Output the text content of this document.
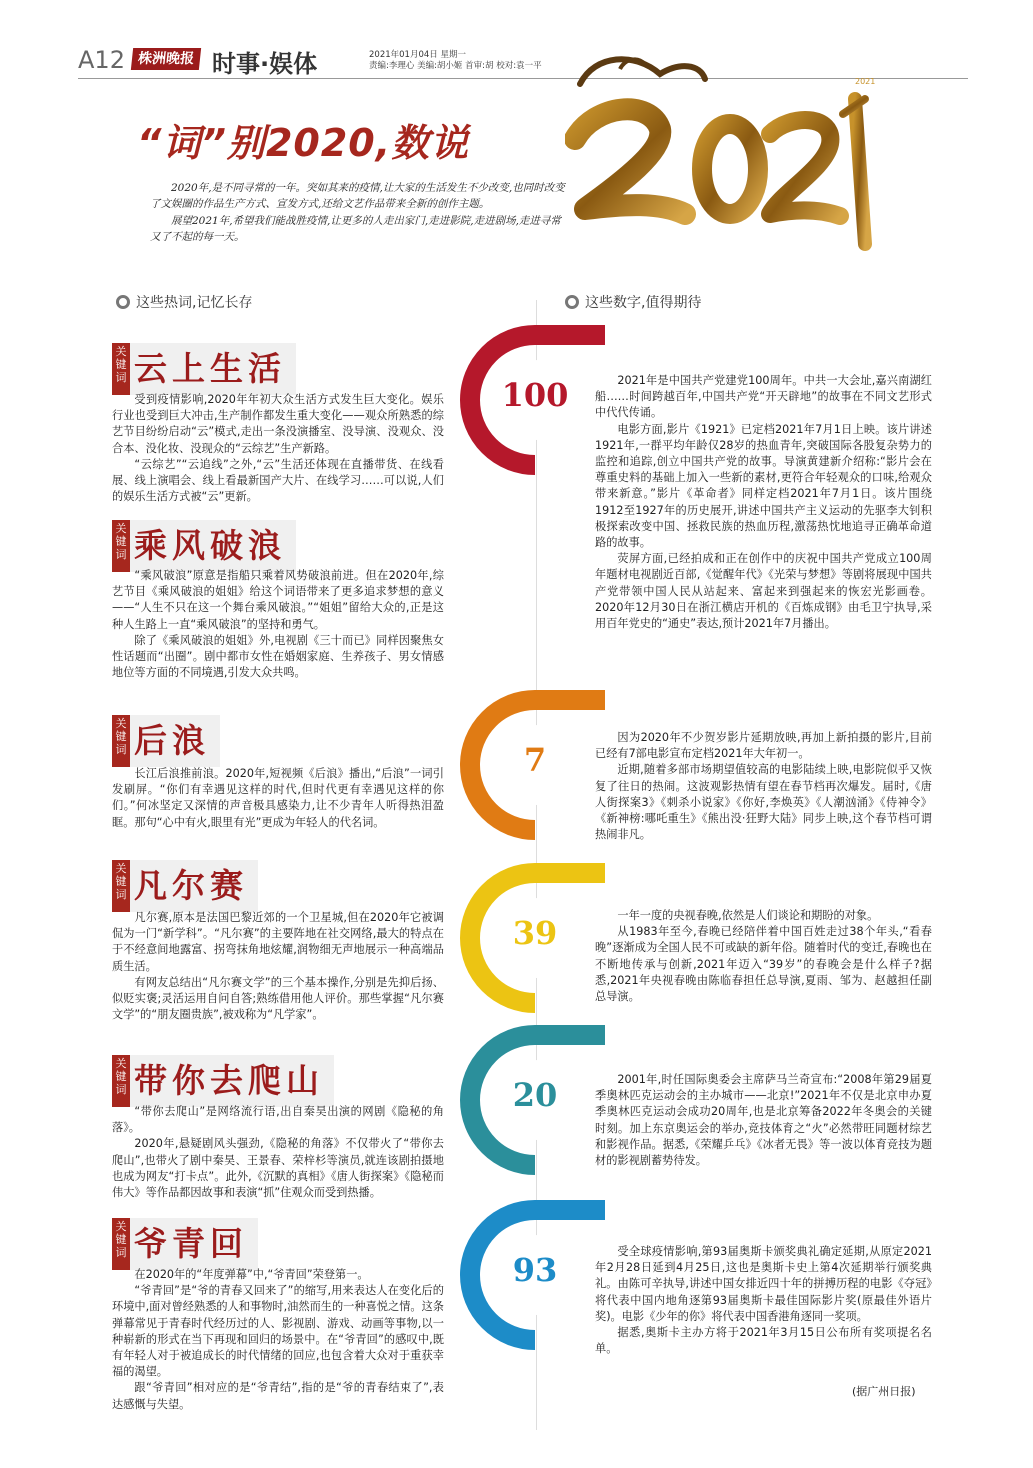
A12 株洲晚报 时事·娱体	2021年01月04日 星期一
责编:李理心 美编:胡小姬 首审:胡 校对:袁一平
2021
“词”别2020,数说

2020年,是不同寻常的一年。突如其来的疫情,让大家的生活发生不少改变,也同时改变了文娱圈的作品生产方式、宣发方式,还给文艺作品带来全新的创作主题。

展望2021年,希望我们能战胜疫情,让更多的人走出家门,走进影院,走进剧场,走进寻常又了不起的每一天。

这些热词,记忆长存	这些数字,值得期待
关键词 云上生活

受到疫情影响,2020年年初大众生活方式发生巨大变化。娱乐行业也受到巨大冲击,生产制作都发生重大变化——观众所熟悉的综艺节目纷纷启动“云”模式,走出一条没演播室、没导演、没观众、没合本、没化妆、没现众的“云综艺”生产新路。

“云综艺”“云追线”之外,“云”生活还体现在直播带货、在线看展、线上演唱会、线上看最新国产大片、在线学习……可以说,人们的娱乐生活方式被“云”更新。

关键词 乘风破浪

“乘风破浪”原意是指船只乘着风势破浪前进。但在2020年,综艺节目《乘风破浪的姐姐》给这个词语带来了更多追求梦想的意义——“人生不只在这一个舞台乘风破浪。”“姐姐”留给大众的,正是这种人生路上一直“乘风破浪”的坚持和勇气。

除了《乘风破浪的姐姐》外,电视剧《三十而已》同样因聚焦女性话题而“出圈”。剧中都市女性在婚姻家庭、生养孩子、男女情感地位等方面的不同境遇,引发大众共鸣。

关键词 后浪

长江后浪推前浪。2020年,短视频《后浪》播出,“后浪”一词引发刷屏。“你们有幸遇见这样的时代,但时代更有幸遇见这样的你们。”何冰坚定又深情的声音极具感染力,让不少青年人听得热泪盈眶。那句“心中有火,眼里有光”更成为年轻人的代名词。

关键词 凡尔赛

凡尔赛,原本是法国巴黎近郊的一个卫星城,但在2020年它被调侃为一门“新学科”。“凡尔赛”的主要阵地在社交网络,最大的特点在于不经意间地露富、拐弯抹角地炫耀,润物细无声地展示一种高端品质生活。

有网友总结出“凡尔赛文学”的三个基本操作,分别是先抑后扬、似贬实褒;灵活运用自问自答;熟练借用他人评价。那些掌握“凡尔赛文学”的“朋友圈贵族”,被戏称为“凡学家”。

关键词 带你去爬山

“带你去爬山”是网络流行语,出自秦昊出演的网剧《隐秘的角落》。

2020年,悬疑剧风头强劲,《隐秘的角落》不仅带火了“带你去爬山”,也带火了剧中秦昊、王景春、荣梓杉等演员,就连该剧拍摄地也成为网友“打卡点”。此外,《沉默的真相》《唐人街探案》《隐秘而伟大》等作品都因故事和表演“抓”住观众而受到热播。

关键词 爷青回

在2020年的“年度弹幕”中,“爷青回”荣登第一。

“爷青回”是“爷的青春又回来了”的缩写,用来表达人在变化后的环境中,面对曾经熟悉的人和事物时,油然而生的一种喜悦之情。这条弹幕常见于青春时代经历过的人、影视剧、游戏、动画等事物,以一种崭新的形式在当下再现和回归的场景中。在“爷青回”的感叹中,既有年轻人对于被追成长的时代情绪的回应,也包含着大众对于重获幸福的渴望。

跟“爷青回”相对应的是“爷青结”,指的是“爷的青春结束了”,表达感慨与失望。

100	2021年是中国共产党建党100周年。中共一大会址,嘉兴南湖红船……时间跨越百年,中国共产党“开天辟地”的故事在不同文艺形式中代代传诵。

电影方面,影片《1921》已定档2021年7月1日上映。该片讲述1921年,一群平均年龄仅28岁的热血青年,突破国际各股复杂势力的监控和追踪,创立中国共产党的故事。导演黄建新介绍称:“影片会在尊重史料的基础上加入一些新的素材,更符合年轻观众的口味,给观众带来新意。”影片《革命者》同样定档2021年7月1日。该片围绕1912至1927年的历史展开,讲述中国共产主义运动的先驱李大钊积极探索改变中国、拯救民族的热血历程,激荡热忱地追寻正确革命道路的故事。

荧屏方面,已经拍成和正在创作中的庆祝中国共产党成立100周年题材电视剧近百部,《觉醒年代》《光荣与梦想》等剧将展现中国共产党带领中国人民从站起来、富起来到强起来的恢宏光影画卷。2020年12月30日在浙江横店开机的《百炼成钢》由毛卫宁执导,采用百年党史的“通史”表达,预计2021年7月播出。

7

因为2020年不少贺岁影片延期放映,再加上新拍摄的影片,目前已经有7部电影宣布定档2021年大年初一。

近期,随着多部市场期望值较高的电影陆续上映,电影院似乎又恢复了往日的热闹。这波观影热情有望在春节档再次爆发。届时,《唐人街探案3》《刺杀小说家》《你好,李焕英》《人潮汹涌》《侍神令》《新神榜:哪吒重生》《熊出没·狂野大陆》同步上映,这个春节档可谓热闹非凡。

39	一年一度的央视春晚,依然是人们谈论和期盼的对象。

从1983年至今,春晚已经陪伴着中国百姓走过38个年头,“看春晚”逐渐成为全国人民不可或缺的新年俗。随着时代的变迁,春晚也在不断地传承与创新,2021年迈入“39岁”的春晚会是什么样子?据悉,2021年央视春晚由陈临春担任总导演,夏雨、邹为、赵越担任副总导演。

20	2001年,时任国际奥委会主席萨马兰奇宣布:“2008年第29届夏季奥林匹克运动会的主办城市——北京!”2021年不仅是北京申办夏季奥林匹克运动会成功20周年,也是北京筹备2022年冬奥会的关键时刻。加上东京奥运会的举办,竞技体育之“火”必然带旺同题材综艺和影视作品。据悉,《荣耀乒乓》《冰者无畏》等一波以体育竞技为题材的影视剧蓄势待发。

93	受全球疫情影响,第93届奥斯卡颁奖典礼确定延期,从原定2021年2月28日延到4月25日,这也是奥斯卡史上第4次延期举行颁奖典礼。由陈可辛执导,讲述中国女排近四十年的拼搏历程的电影《夺冠》将代表中国内地角逐第93届奥斯卡最佳国际影片奖(原最佳外语片奖)。电影《少年的你》将代表中国香港角逐同一奖项。

据悉,奥斯卡主办方将于2021年3月15日公布所有奖项提名名单。

(据广州日报)
